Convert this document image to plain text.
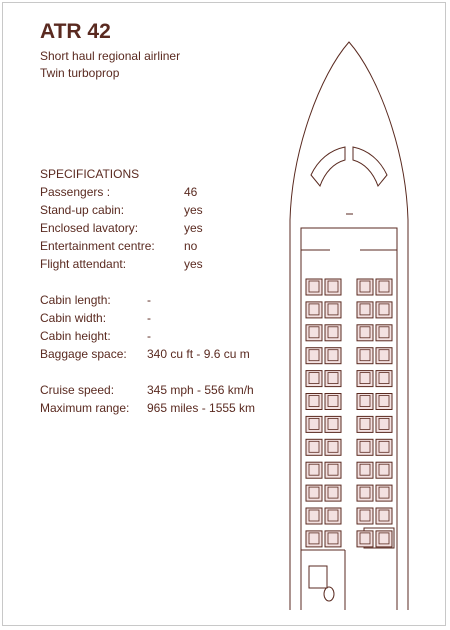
ATR 42
Short haul regional airliner
Twin turboprop
SPECIFICATIONS
Passengers :	46
Stand-up cabin:	yes
Enclosed lavatory:	yes
Entertainment centre: no
Flight attendant:	yes
Cabin length:	-
Cabin width:	-
Cabin height:	-
Baggage space: 340 cu ft - 9.6 cu m
Cruise speed:	345 mph - 556 km/h
Maximum range: 965 miles - 1555 km
